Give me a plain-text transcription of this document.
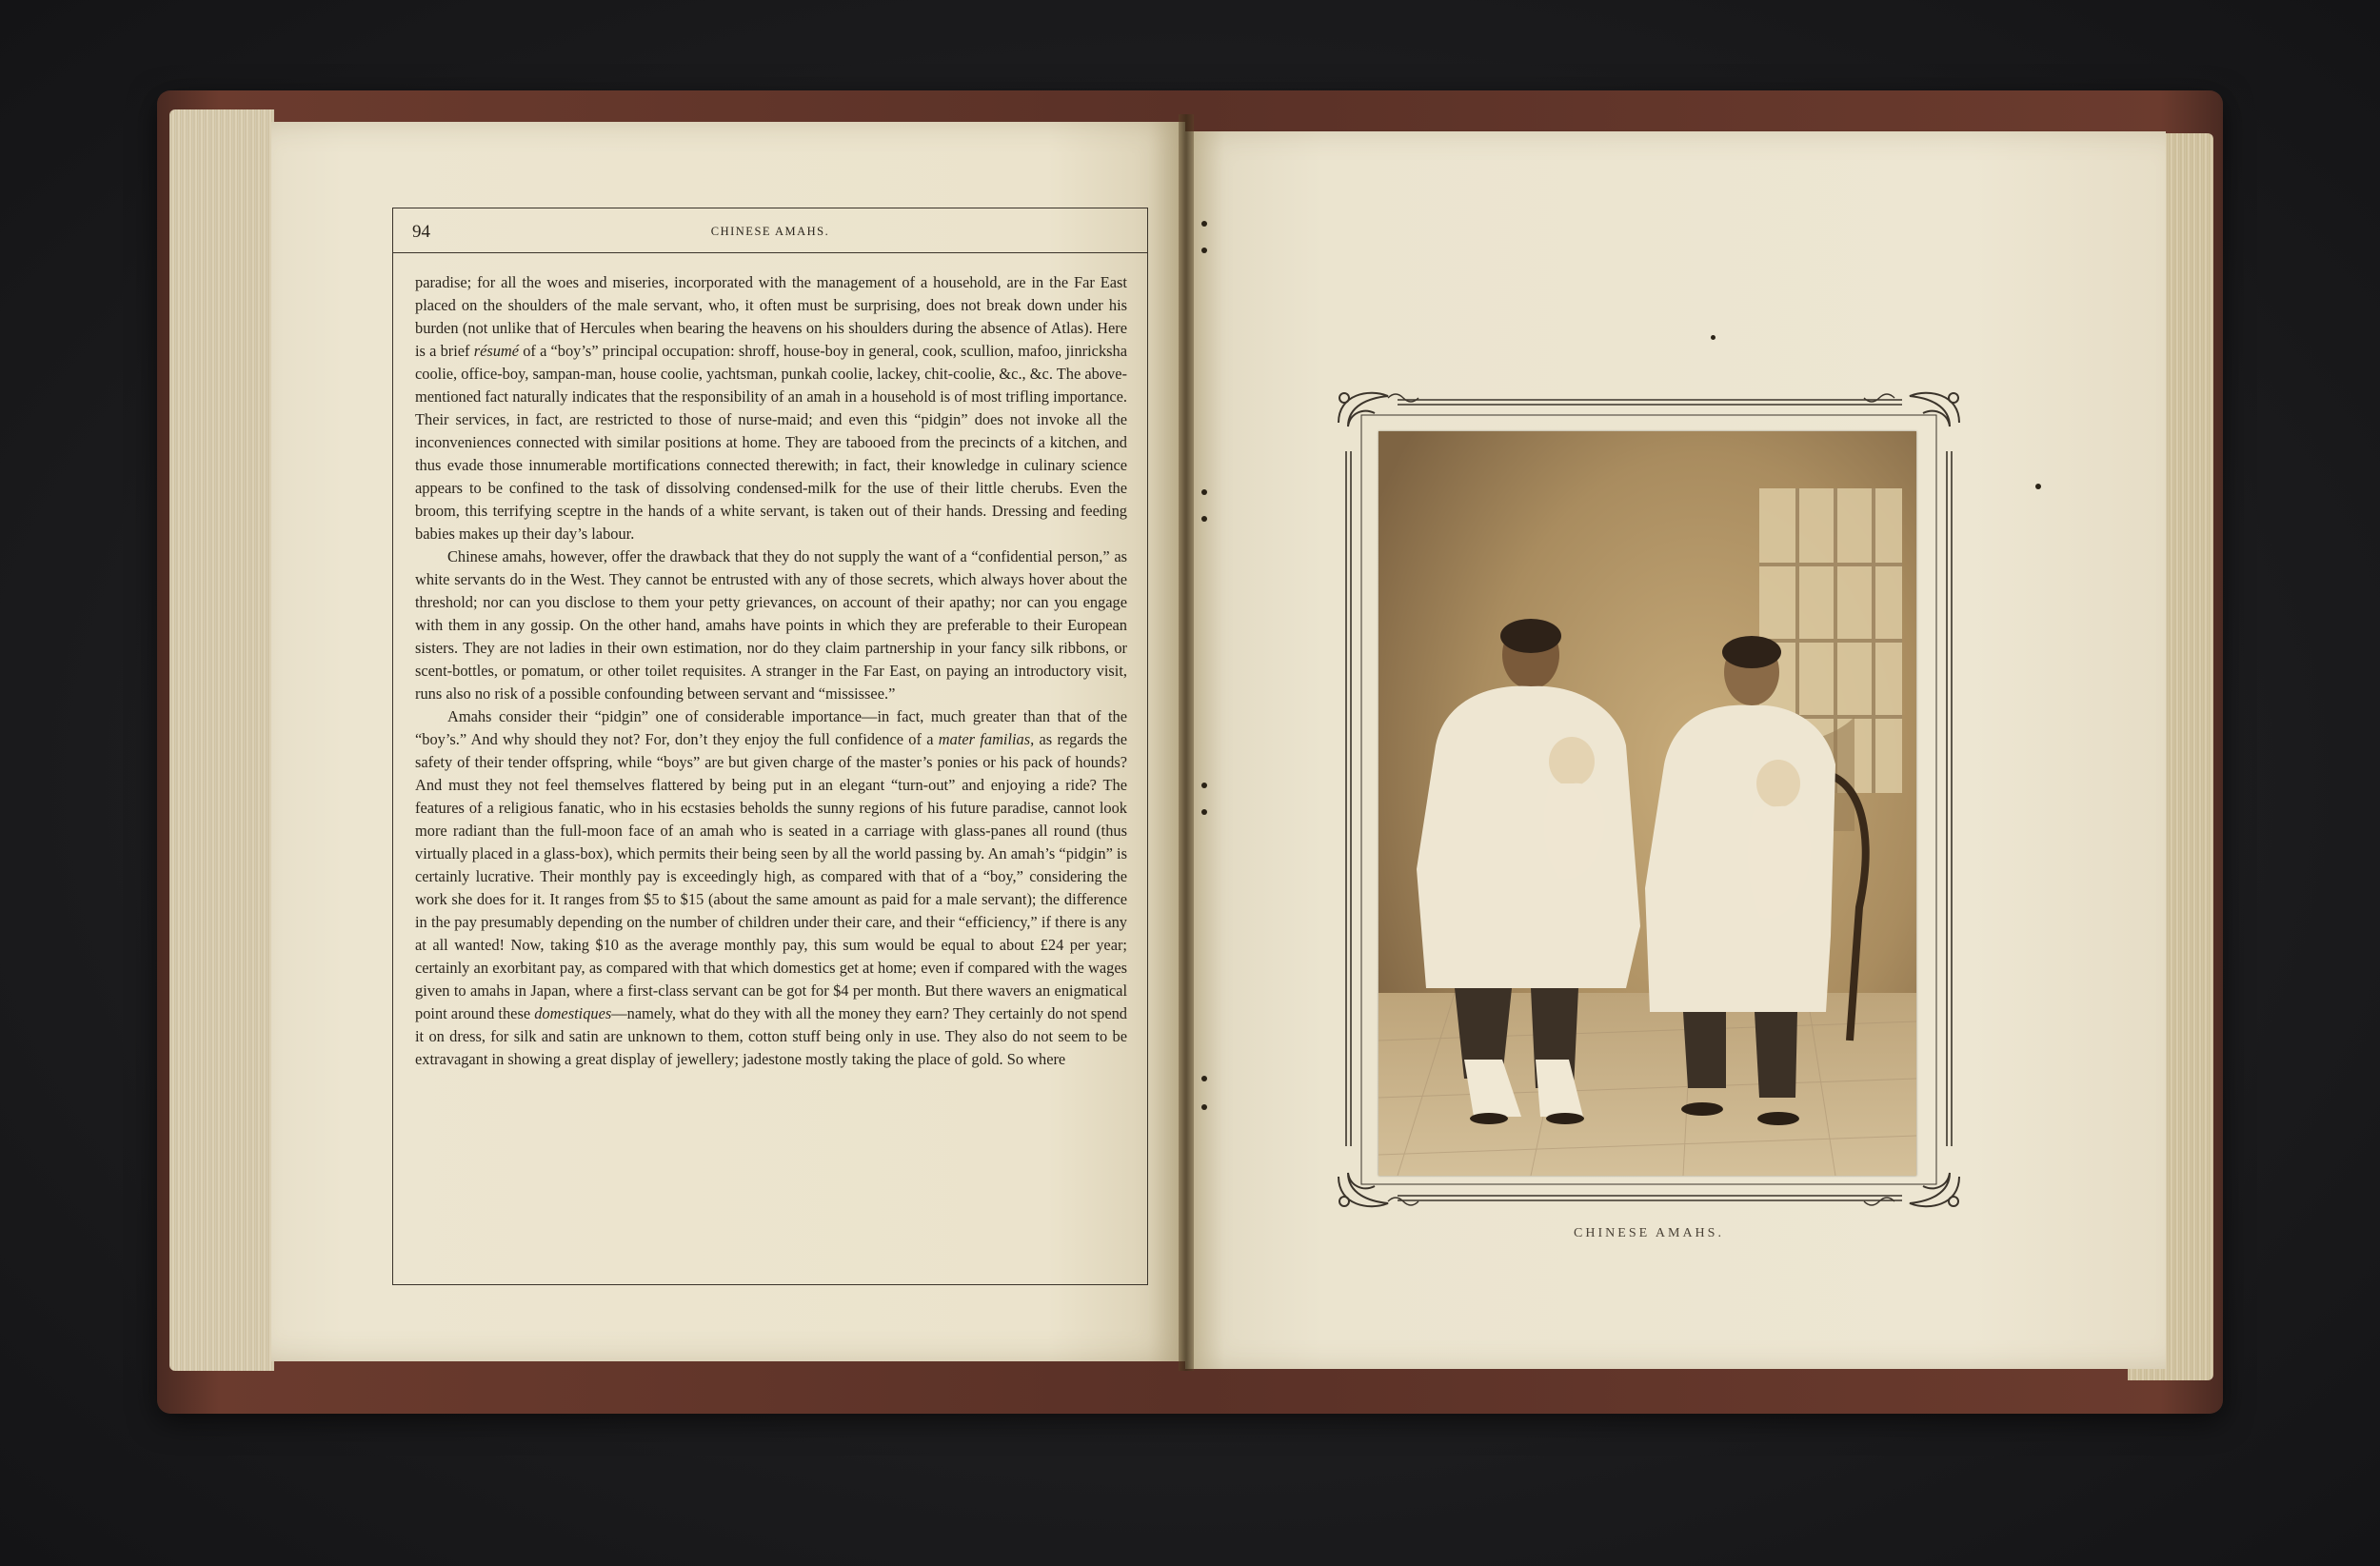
94	CHINESE AMAHS.

paradise; for all the woes and miseries, incorporated with the management of a household, are in the Far East placed on the shoulders of the male servant, who, it often must be surprising, does not break down under his burden (not unlike that of Hercules when bearing the heavens on his shoulders during the absence of Atlas). Here is a brief résumé of a “boy’s” principal occupation: shroff, house-boy in general, cook, scullion, mafoo, jinricksha coolie, office-boy, sampan-man, house coolie, yachtsman, punkah coolie, lackey, chit-coolie, &c., &c. The above-mentioned fact naturally indicates that the responsibility of an amah in a household is of most trifling importance. Their services, in fact, are restricted to those of nurse-maid; and even this “pidgin” does not invoke all the inconveniences connected with similar positions at home. They are tabooed from the precincts of a kitchen, and thus evade those innumerable mortifications connected therewith; in fact, their knowledge in culinary science appears to be confined to the task of dissolving condensed-milk for the use of their little cherubs. Even the broom, this terrifying sceptre in the hands of a white servant, is taken out of their hands. Dressing and feeding babies makes up their day’s labour.

Chinese amahs, however, offer the drawback that they do not supply the want of a “confidential person,” as white servants do in the West. They cannot be entrusted with any of those secrets, which always hover about the threshold; nor can you disclose to them your petty grievances, on account of their apathy; nor can you engage with them in any gossip. On the other hand, amahs have points in which they are preferable to their European sisters. They are not ladies in their own estimation, nor do they claim partnership in your fancy silk ribbons, or scent-bottles, or pomatum, or other toilet requisites. A stranger in the Far East, on paying an introductory visit, runs also no risk of a possible confounding between servant and “mississee.”

Amahs consider their “pidgin” one of considerable importance—in fact, much greater than that of the “boy’s.” And why should they not? For, don’t they enjoy the full confidence of a mater familias, as regards the safety of their tender offspring, while “boys” are but given charge of the master’s ponies or his pack of hounds? And must they not feel themselves flattered by being put in an elegant “turn-out” and enjoying a ride? The features of a religious fanatic, who in his ecstasies beholds the sunny regions of his future paradise, cannot look more radiant than the full-moon face of an amah who is seated in a carriage with glass-panes all round (thus virtually placed in a glass-box), which permits their being seen by all the world passing by. An amah’s “pidgin” is certainly lucrative. Their monthly pay is exceedingly high, as compared with that of a “boy,” considering the work she does for it. It ranges from $5 to $15 (about the same amount as paid for a male servant); the difference in the pay presumably depending on the number of children under their care, and their “efficiency,” if there is any at all wanted! Now, taking $10 as the average monthly pay, this sum would be equal to about £24 per year; certainly an exorbitant pay, as compared with that which domestics get at home; even if compared with the wages given to amahs in Japan, where a first-class servant can be got for $4 per month. But there wavers an enigmatical point around these domestiques—namely, what do they with all the money they earn? They certainly do not spend it on dress, for silk and satin are unknown to them, cotton stuff being only in use. They also do not seem to be extravagant in showing a great display of jewellery; jadestone mostly taking the place of gold. So where

CHINESE AMAHS.
